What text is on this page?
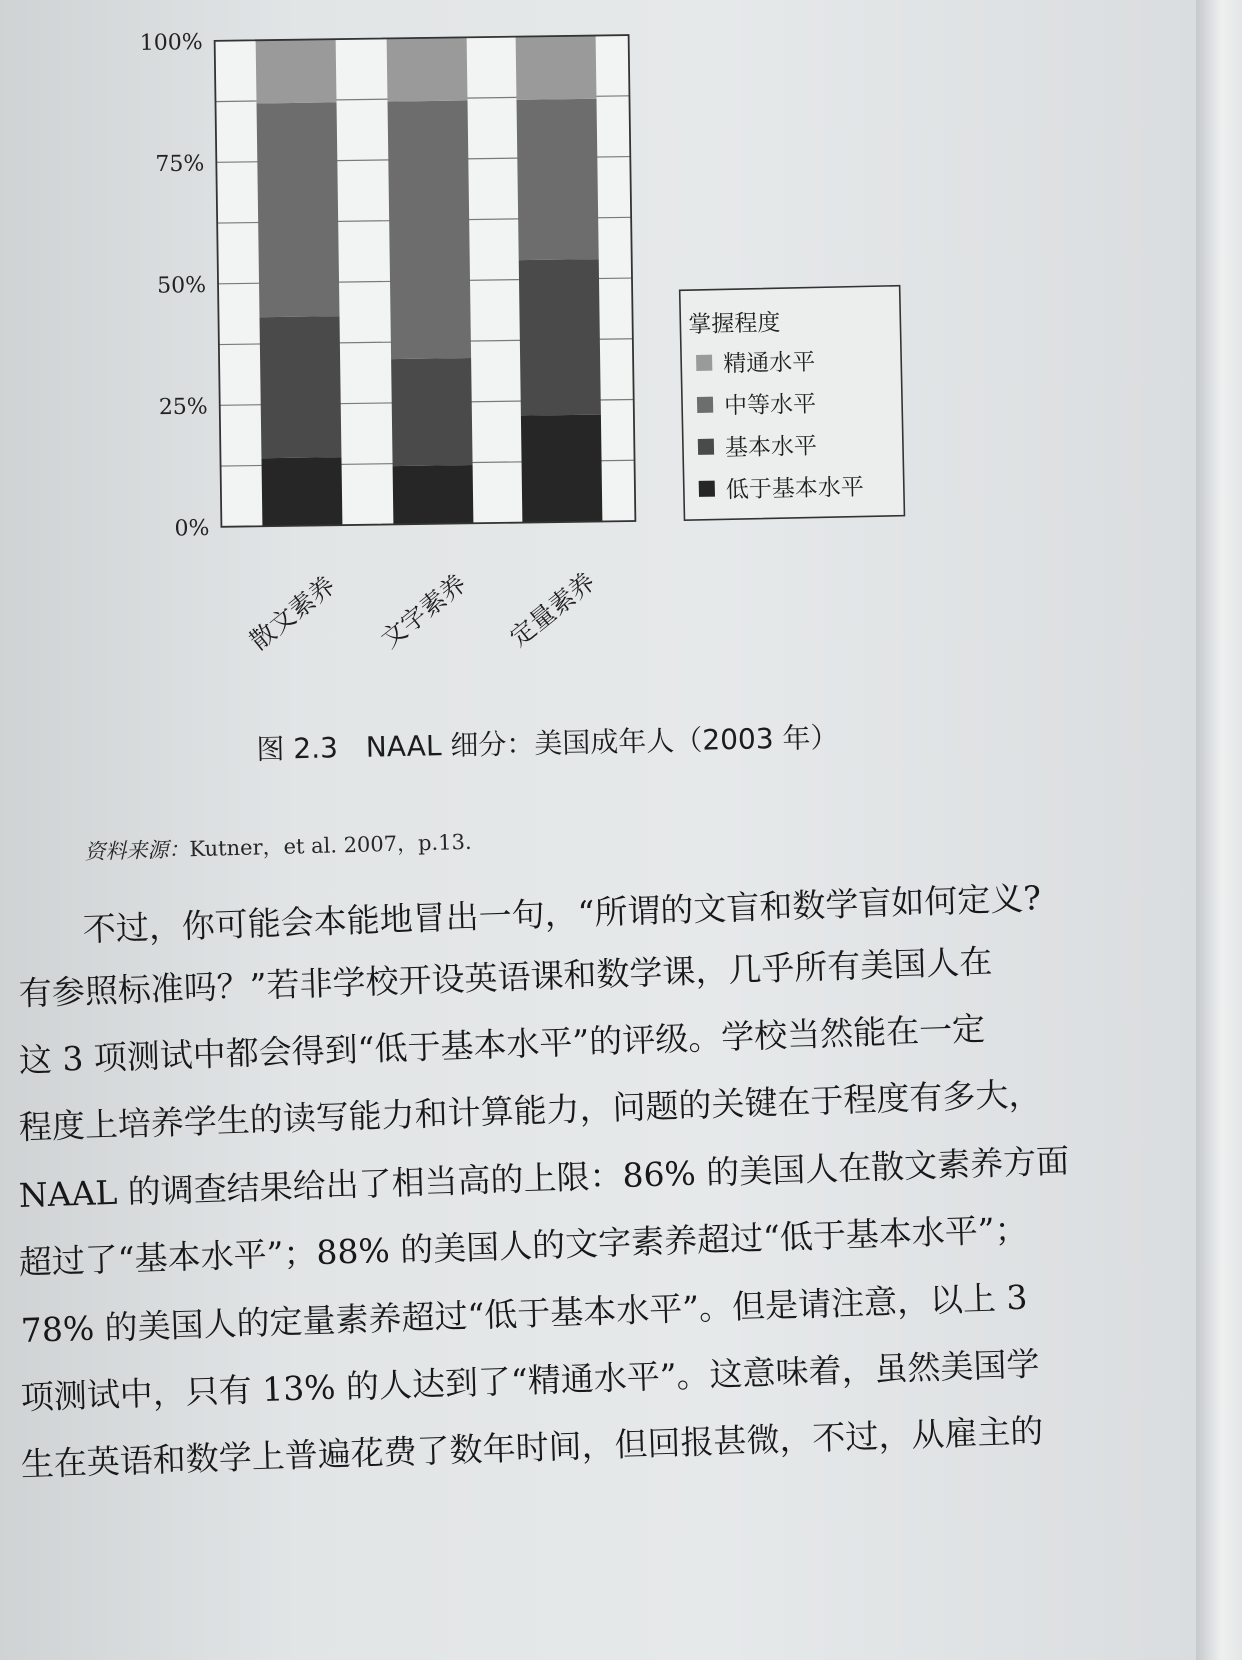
0%
25%
50%
75%
100%
散文素养 文字素养 定量素养
掌握程度
精通水平
中等水平
基本水平
低于基本水平
图 2.3　NAAL 细分：美国成年人（2003 年）
资料来源：Kutner，et al. 2007，p.13.
不过，你可能会本能地冒出一句，“所谓的文盲和数学盲如何定义?
有参照标准吗？”若非学校开设英语课和数学课，几乎所有美国人在
这 3 项测试中都会得到“低于基本水平”的评级。学校当然能在一定
程度上培养学生的读写能力和计算能力，问题的关键在于程度有多大，
NAAL 的调查结果给出了相当高的上限：86% 的美国人在散文素养方面
超过了“基本水平”；88% 的美国人的文字素养超过“低于基本水平”；
78% 的美国人的定量素养超过“低于基本水平”。但是请注意，以上 3
项测试中，只有 13% 的人达到了“精通水平”。这意味着，虽然美国学
生在英语和数学上普遍花费了数年时间，但回报甚微，不过，从雇主的
